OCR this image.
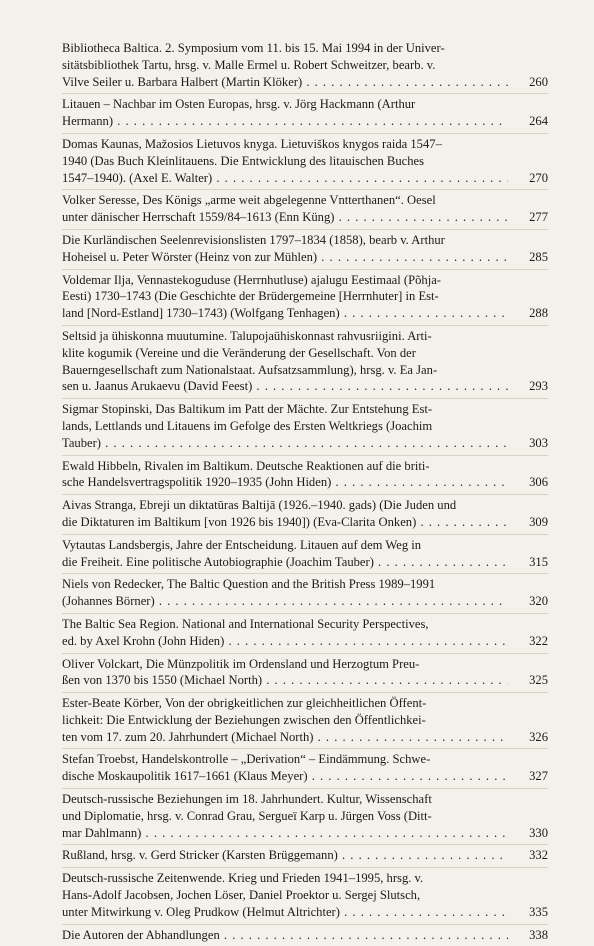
Bibliotheca Baltica. 2. Symposium vom 11. bis 15. Mai 1994 in der Univer-
sitätsbibliothek Tartu, hrsg. v. Malle Ermel u. Robert Schweitzer, bearb. v.
Vilve Seiler u. Barbara Halbert (Martin Klöker) . . .	260
Litauen – Nachbar im Osten Europas, hrsg. v. Jörg Hackmann (Arthur
Hermann) . . .	264
Domas Kaunas, Mažosios Lietuvos knyga. Lietuviškos knygos raida 1547–
1940 (Das Buch Kleinlitauens. Die Entwicklung des litauischen Buches
1547–1940). (Axel E. Walter) . . .	270
Volker Seresse, Des Königs „arme weit abgelegenne Vntterthanen“. Oesel
unter dänischer Herrschaft 1559/84–1613 (Enn Küng) . . .	277
Die Kurländischen Seelenrevisionslisten 1797–1834 (1858), bearb v. Arthur
Hoheisel u. Peter Wörster (Heinz von zur Mühlen) . . .	285
Voldemar Ilja, Vennastekoguduse (Herrnhutluse) ajalugu Eestimaal (Põhja-
Eesti) 1730–1743 (Die Geschichte der Brüdergemeine [Herrnhuter] in Est-
land [Nord-Estland] 1730–1743) (Wolfgang Tenhagen) . . .	288
Seltsid ja ühiskonna muutumine. Talupojaühiskonnast rahvusriigini. Arti-
klite kogumik (Vereine und die Veränderung der Gesellschaft. Von der
Bauerngesellschaft zum Nationalstaat. Aufsatzsammlung), hrsg. v. Ea Jan-
sen u. Jaanus Arukaevu (David Feest) . . .	293
Sigmar Stopinski, Das Baltikum im Patt der Mächte. Zur Entstehung Est-
lands, Lettlands und Litauens im Gefolge des Ersten Weltkriegs (Joachim
Tauber) . . .	303
Ewald Hibbeln, Rivalen im Baltikum. Deutsche Reaktionen auf die briti-
sche Handelsvertragspolitik 1920–1935 (John Hiden) . . .	306
Aivas Stranga, Ebreji un diktatūras Baltijā (1926.–1940. gads) (Die Juden und
die Diktaturen im Baltikum [von 1926 bis 1940]) (Eva-Clarita Onken) . . .	309
Vytautas Landsbergis, Jahre der Entscheidung. Litauen auf dem Weg in
die Freiheit. Eine politische Autobiographie (Joachim Tauber) . . .	315
Niels von Redecker, The Baltic Question and the British Press 1989–1991
(Johannes Börner) . . .	320
The Baltic Sea Region. National and International Security Perspectives,
ed. by Axel Krohn (John Hiden) . . .	322
Oliver Volckart, Die Münzpolitik im Ordensland und Herzogtum Preu-
ßen von 1370 bis 1550 (Michael North) . . .	325
Ester-Beate Körber, Von der obrigkeitlichen zur gleichheitlichen Öffent-
lichkeit: Die Entwicklung der Beziehungen zwischen den Öffentlichkei-
ten vom 17. zum 20. Jahrhundert (Michael North) . . .	326
Stefan Troebst, Handelskontrolle – „Derivation“ – Eindämmung. Schwe-
dische Moskaupolitik 1617–1661 (Klaus Meyer) . . .	327
Deutsch-russische Beziehungen im 18. Jahrhundert. Kultur, Wissenschaft
und Diplomatie, hrsg. v. Conrad Grau, Sergueï Karp u. Jürgen Voss (Ditt-
mar Dahlmann) . . .	330
Rußland, hrsg. v. Gerd Stricker (Karsten Brüggemann) . . .	332
Deutsch-russische Zeitenwende. Krieg und Frieden 1941–1995, hrsg. v.
Hans-Adolf Jacobsen, Jochen Löser, Daniel Proektor u. Sergej Slutsch,
unter Mitwirkung v. Oleg Prudkow (Helmut Altrichter) . . .	335
Die Autoren der Abhandlungen . . .	338
